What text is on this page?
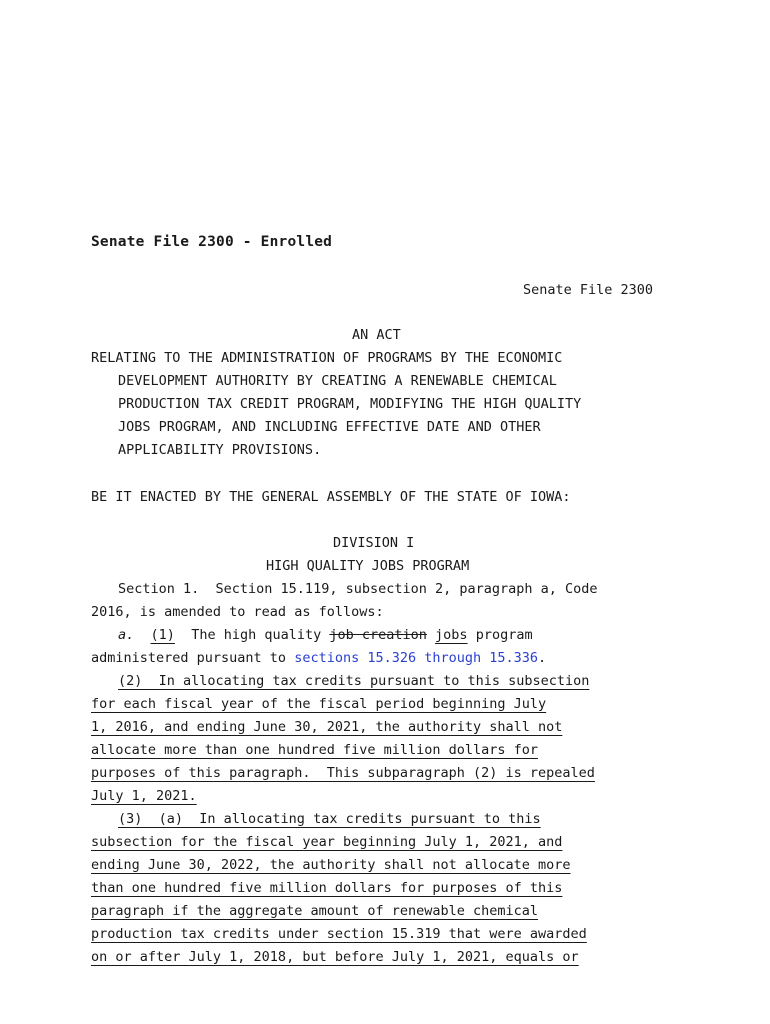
Senate File 2300 - Enrolled
Senate File 2300
AN ACT
RELATING TO THE ADMINISTRATION OF PROGRAMS BY THE ECONOMIC
DEVELOPMENT AUTHORITY BY CREATING A RENEWABLE CHEMICAL
PRODUCTION TAX CREDIT PROGRAM, MODIFYING THE HIGH QUALITY
JOBS PROGRAM, AND INCLUDING EFFECTIVE DATE AND OTHER
APPLICABILITY PROVISIONS.
BE IT ENACTED BY THE GENERAL ASSEMBLY OF THE STATE OF IOWA:
DIVISION I
HIGH QUALITY JOBS PROGRAM
Section 1.  Section 15.119, subsection 2, paragraph a, Code
2016, is amended to read as follows:
a. (1) The high quality job creation jobs program
administered pursuant to sections 15.326 through 15.336.
(2)  In allocating tax credits pursuant to this subsection
for each fiscal year of the fiscal period beginning July
1, 2016, and ending June 30, 2021, the authority shall not
allocate more than one hundred five million dollars for
purposes of this paragraph.  This subparagraph (2) is repealed
July 1, 2021.
(3)  (a)  In allocating tax credits pursuant to this
subsection for the fiscal year beginning July 1, 2021, and
ending June 30, 2022, the authority shall not allocate more
than one hundred five million dollars for purposes of this
paragraph if the aggregate amount of renewable chemical
production tax credits under section 15.319 that were awarded
on or after July 1, 2018, but before July 1, 2021, equals or
